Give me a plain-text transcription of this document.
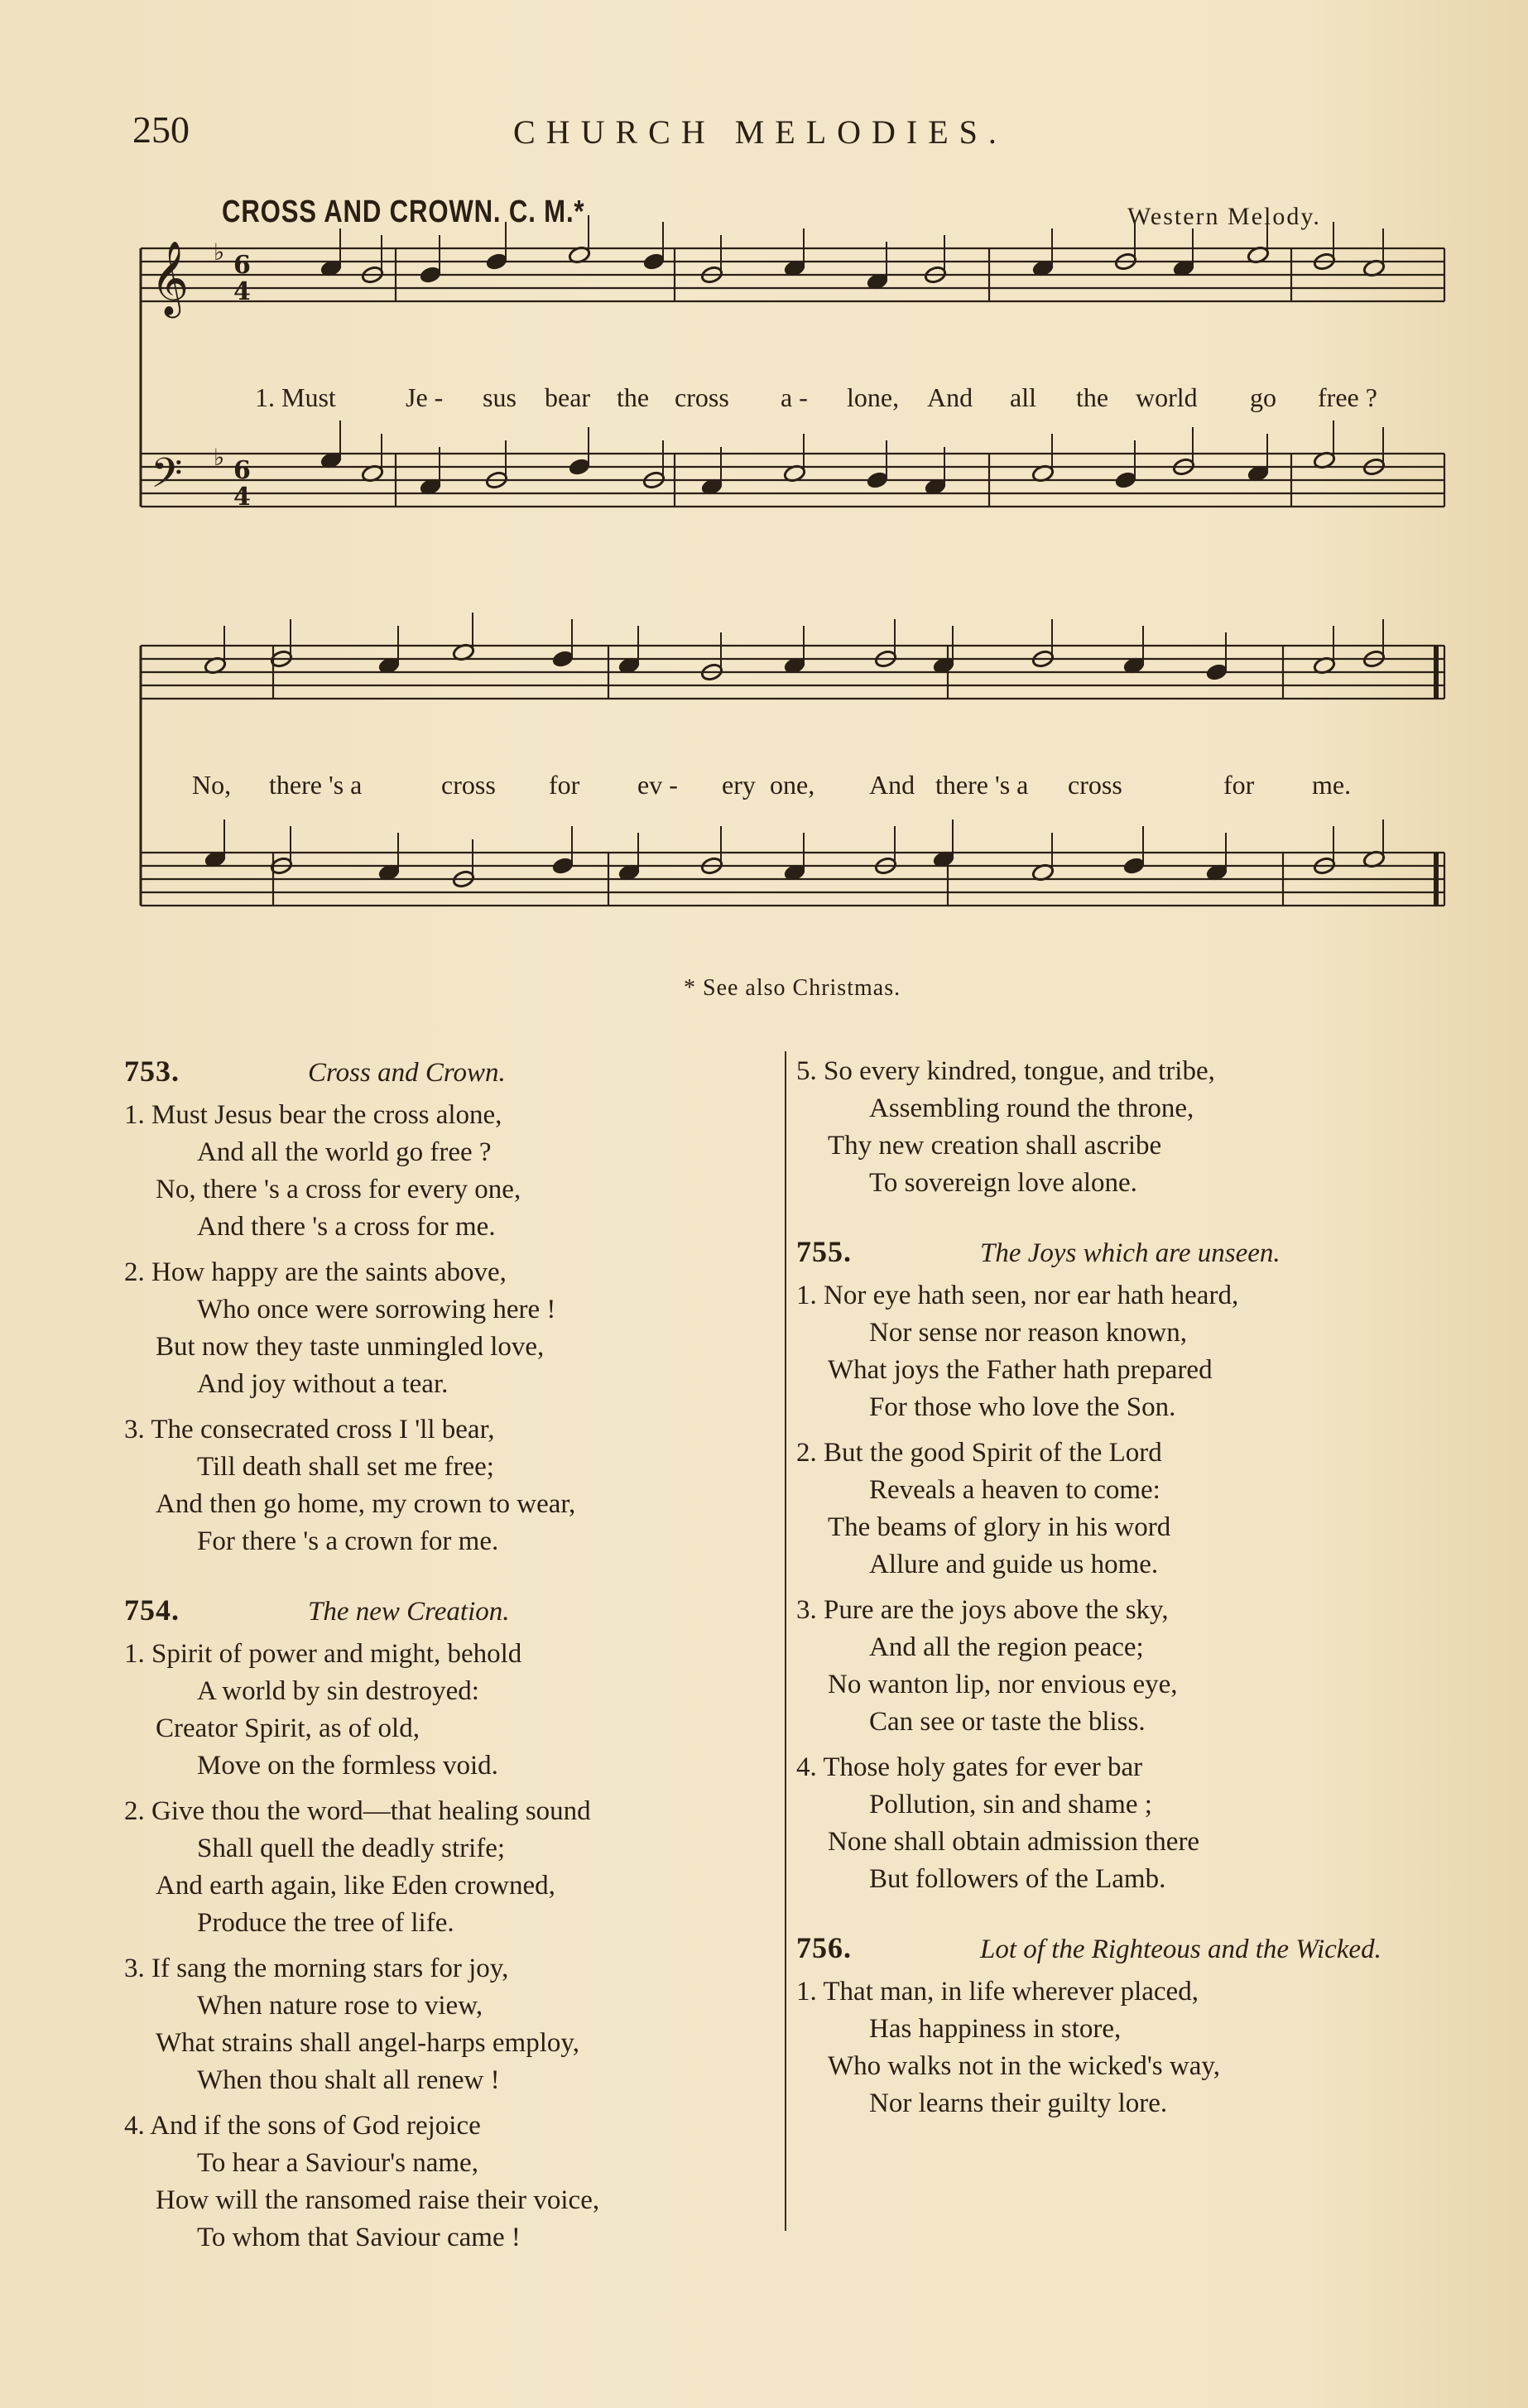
250	CHURCH MELODIES.
CROSS AND CROWN. C. M.*	Western Melody.
𝄞
𝄢
♭ 6
4
♭ 6
4
1. Must	Je - sus bear the cross a - lone, And all the world go free ?
No, there 's a	cross for ev - ery one, And there 's a cross	for me.
* See also Christmas.
753.	Cross and Crown.
1. Must Jesus bear the cross alone,
And all the world go free ?
No, there 's a cross for every one,
And there 's a cross for me.
2. How happy are the saints above,
Who once were sorrowing here !
But now they taste unmingled love,
And joy without a tear.
3. The consecrated cross I 'll bear,
Till death shall set me free;
And then go home, my crown to wear,
For there 's a crown for me.
754.	The new Creation.
1. Spirit of power and might, behold
A world by sin destroyed:
Creator Spirit, as of old,
Move on the formless void.
2. Give thou the word—that healing sound
Shall quell the deadly strife;
And earth again, like Eden crowned,
Produce the tree of life.
3. If sang the morning stars for joy,
When nature rose to view,
What strains shall angel-harps employ,
When thou shalt all renew !
4. And if the sons of God rejoice
To hear a Saviour's name,
How will the ransomed raise their voice,
To whom that Saviour came !
5. So every kindred, tongue, and tribe,
Assembling round the throne,
Thy new creation shall ascribe
To sovereign love alone.
755.	The Joys which are unseen.
1. Nor eye hath seen, nor ear hath heard,
Nor sense nor reason known,
What joys the Father hath prepared
For those who love the Son.
2. But the good Spirit of the Lord
Reveals a heaven to come:
The beams of glory in his word
Allure and guide us home.
3. Pure are the joys above the sky,
And all the region peace;
No wanton lip, nor envious eye,
Can see or taste the bliss.
4. Those holy gates for ever bar
Pollution, sin and shame ;
None shall obtain admission there
But followers of the Lamb.
756.	Lot of the Righteous and the Wicked.
1. That man, in life wherever placed,
Has happiness in store,
Who walks not in the wicked's way,
Nor learns their guilty lore.
